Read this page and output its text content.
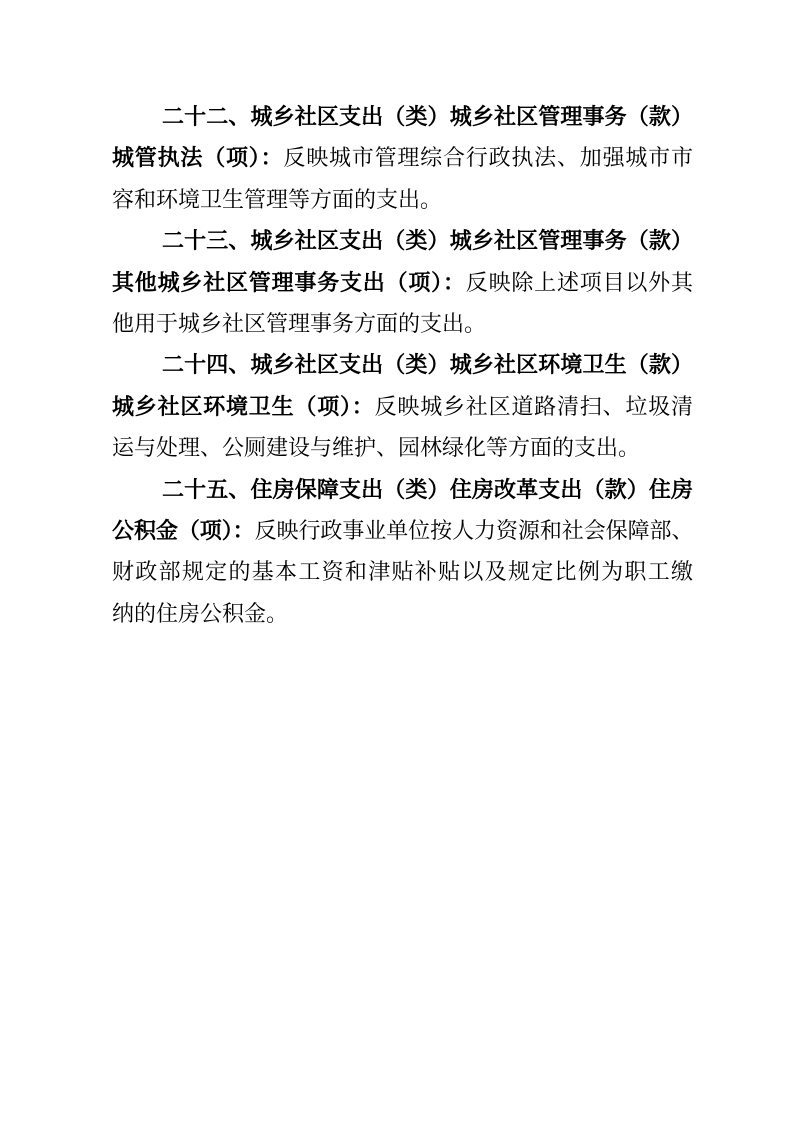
二十二、城乡社区支出（类）城乡社区管理事务（款）
城管执法（项）：反映城市管理综合行政执法、加强城市市
容和环境卫生管理等方面的支出。
二十三、城乡社区支出（类）城乡社区管理事务（款）
其他城乡社区管理事务支出（项）：反映除上述项目以外其
他用于城乡社区管理事务方面的支出。
二十四、城乡社区支出（类）城乡社区环境卫生（款）
城乡社区环境卫生（项）：反映城乡社区道路清扫、垃圾清
运与处理、公厕建设与维护、园林绿化等方面的支出。
二十五、住房保障支出（类）住房改革支出（款）住房
公积金（项）：反映行政事业单位按人力资源和社会保障部、
财政部规定的基本工资和津贴补贴以及规定比例为职工缴
纳的住房公积金。
